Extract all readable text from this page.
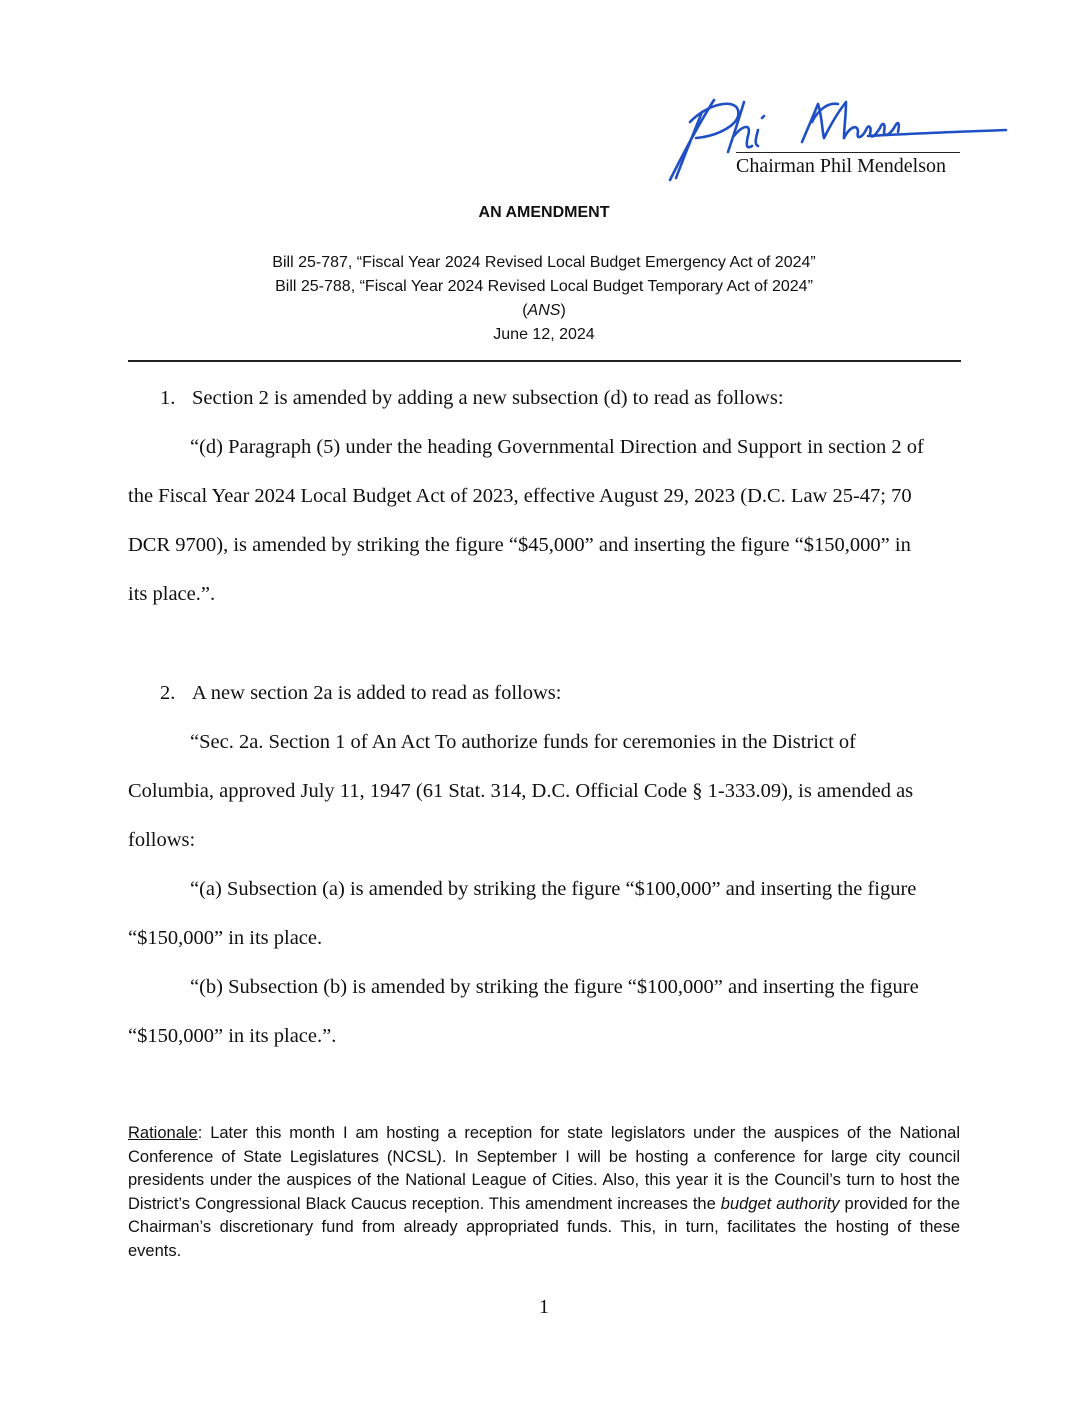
Chairman Phil Mendelson
AN AMENDMENT
Bill 25-787, “Fiscal Year 2024 Revised Local Budget Emergency Act of 2024”
Bill 25-788, “Fiscal Year 2024 Revised Local Budget Temporary Act of 2024”
(ANS)
June 12, 2024
1. Section 2 is amended by adding a new subsection (d) to read as follows:
“(d) Paragraph (5) under the heading Governmental Direction and Support in section 2 of
the Fiscal Year 2024 Local Budget Act of 2023, effective August 29, 2023 (D.C. Law 25-47; 70
DCR 9700), is amended by striking the figure “$45,000” and inserting the figure “$150,000” in
its place.”.
2. A new section 2a is added to read as follows:
“Sec. 2a. Section 1 of An Act To authorize funds for ceremonies in the District of
Columbia, approved July 11, 1947 (61 Stat. 314, D.C. Official Code § 1-333.09), is amended as
follows:
“(a) Subsection (a) is amended by striking the figure “$100,000” and inserting the figure
“$150,000” in its place.
“(b) Subsection (b) is amended by striking the figure “$100,000” and inserting the figure
“$150,000” in its place.”.
Rationale: Later this month I am hosting a reception for state legislators under the auspices of the National Conference of State Legislatures (NCSL). In September I will be hosting a conference for large city council presidents under the auspices of the National League of Cities. Also, this year it is the Council’s turn to host the District’s Congressional Black Caucus reception. This amendment increases the budget authority provided for the Chairman’s discretionary fund from already appropriated funds. This, in turn, facilitates the hosting of these events.
1
